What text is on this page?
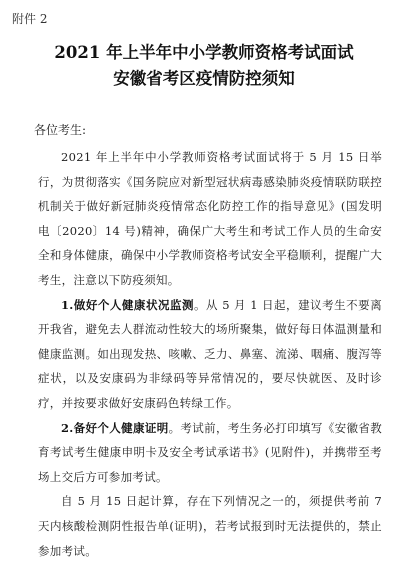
附件 2
2021 年上半年中小学教师资格考试面试
安徽省考区疫情防控须知
各位考生:

2021 年上半年中小学教师资格考试面试将于 5 月 15 日举行，为贯彻落实《国务院应对新型冠状病毒感染肺炎疫情联防联控机制关于做好新冠肺炎疫情常态化防控工作的指导意见》(国发明电〔2020〕14 号)精神，确保广大考生和考试工作人员的生命安全和身体健康，确保中小学教师资格考试安全平稳顺利，提醒广大考生，注意以下防疫须知。

1.做好个人健康状况监测。从 5 月 1 日起，建议考生不要离开我省，避免去人群流动性较大的场所聚集，做好每日体温测量和健康监测。如出现发热、咳嗽、乏力、鼻塞、流涕、咽痛、腹泻等症状，以及安康码为非绿码等异常情况的，要尽快就医、及时诊疗，并按要求做好安康码色转绿工作。

2.备好个人健康证明。考试前，考生务必打印填写《安徽省教育考试考生健康申明卡及安全考试承诺书》(见附件)，并携带至考场上交后方可参加考试。

自 5 月 15 日起计算，存在下列情况之一的，须提供考前 7 天内核酸检测阴性报告单(证明)，若考试报到时无法提供的，禁止参加考试。
